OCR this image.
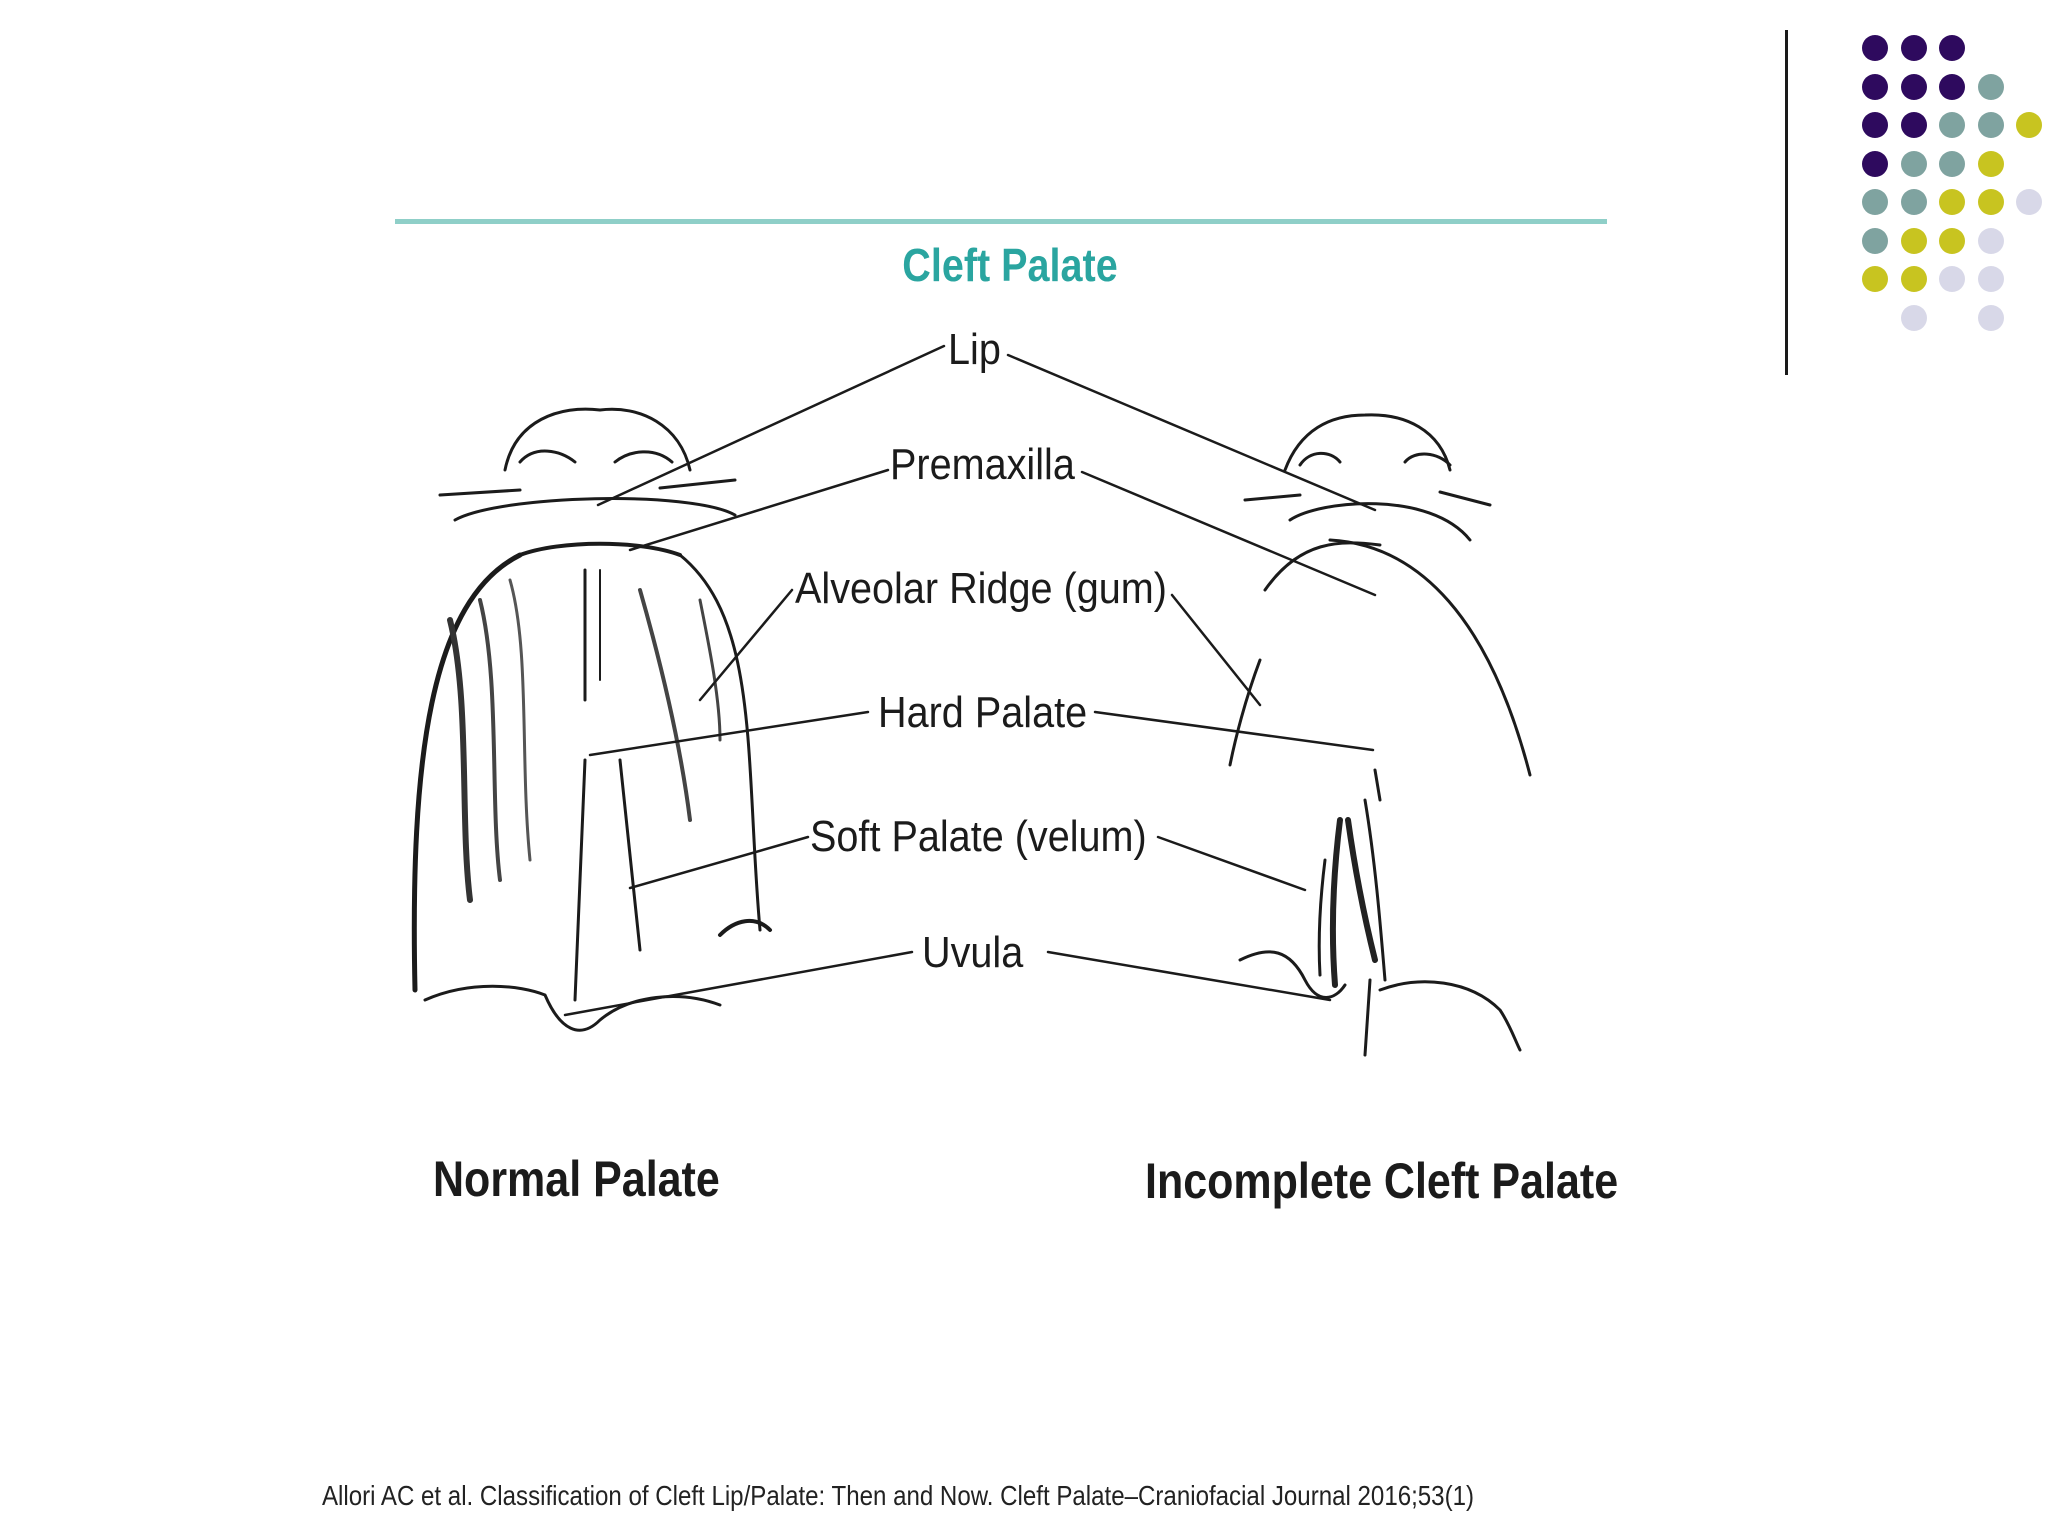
Cleft Palate
Lip
Premaxilla
Alveolar Ridge (gum)
Hard Palate
Soft Palate (velum)
Uvula
Normal Palate	Incomplete Cleft Palate
Allori AC et al. Classification of Cleft Lip/Palate: Then and Now. Cleft Palate–Craniofacial Journal 2016;53(1)
